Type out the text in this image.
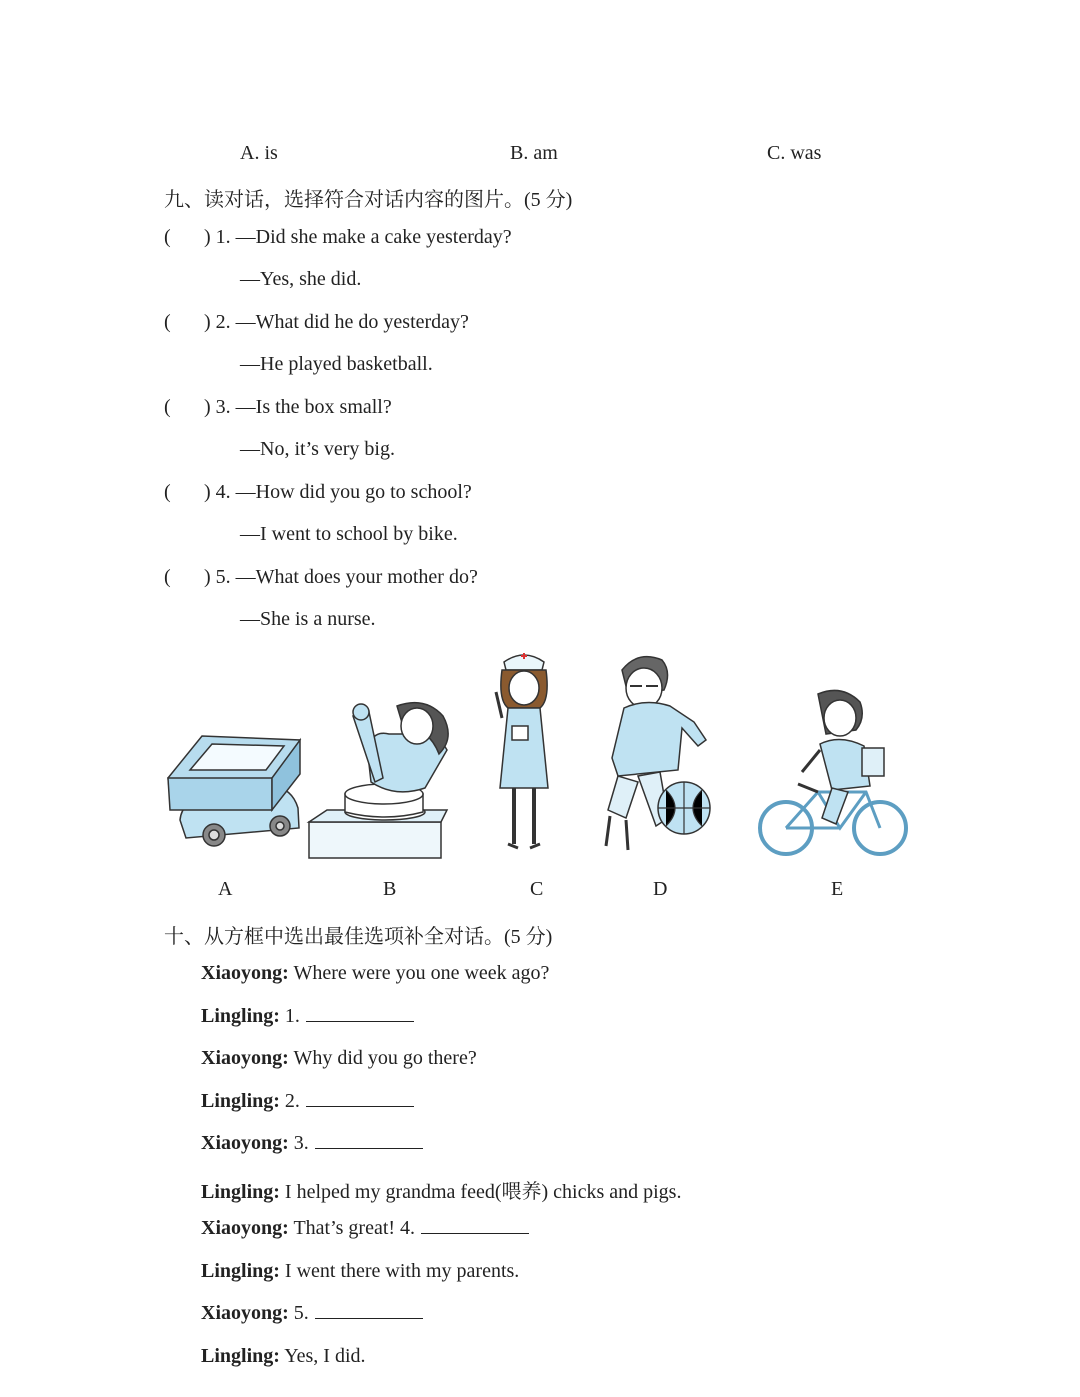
A. is	B. am	C. was
九、读对话，选择符合对话内容的图片。(5 分)
( ) 1. —Did she make a cake yesterday?
—Yes, she did.
( ) 2. —What did he do yesterday?
—He played basketball.
( ) 3. —Is the box small?
—No, it’s very big.
( ) 4. —How did you go to school?
—I went to school by bike.
( ) 5. —What does your mother do?
—She is a nurse.
A	B	C	D	E
十、从方框中选出最佳选项补全对话。(5 分)
Xiaoyong: Where were you one week ago?
Lingling: 1.
Xiaoyong: Why did you go there?
Lingling: 2.
Xiaoyong: 3.
Lingling: I helped my grandma feed(喂养) chicks and pigs.
Xiaoyong: That’s great! 4.
Lingling: I went there with my parents.
Xiaoyong: 5.
Lingling: Yes, I did.
